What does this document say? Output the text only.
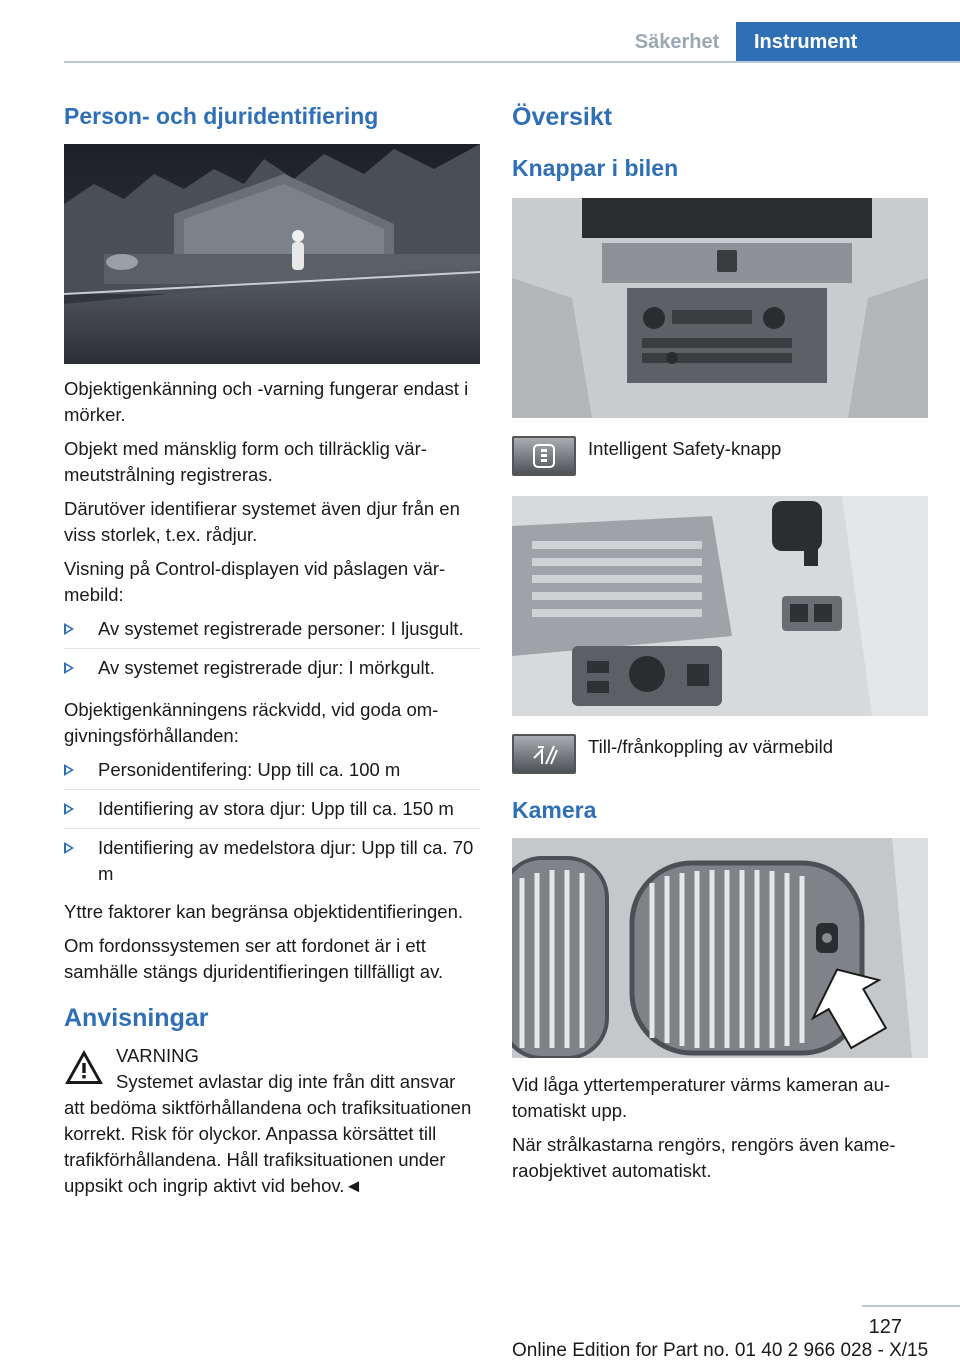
Säkerhet	Instrument
Person- och djuridentifiering

Objektigenkänning och -varning fungerar endast i mörker.

Objekt med mänsklig form och tillräcklig värmeutstrålning registreras.

Därutöver identifierar systemet även djur från en viss storlek, t.ex. rådjur.

Visning på Control-displayen vid påslagen värmebild:

Av systemet registrerade personer: I ljusgult.
Av systemet registrerade djur: I mörkgult.

Objektigenkänningens räckvidd, vid goda omgivningsförhållanden:

Personidentifering: Upp till ca. 100 m
Identifiering av stora djur: Upp till ca. 150 m
Identifiering av medelstora djur: Upp till ca. 70 m

Yttre faktorer kan begränsa objektidentifieringen.

Om fordonssystemen ser att fordonet är i ett samhälle stängs djuridentifieringen tillfälligt av.

Anvisningar
VARNING
Systemet avlastar dig inte från ditt ansvar att bedöma siktförhållandena och trafiksituationen korrekt. Risk för olyckor. Anpassa körsättet till trafikförhållandena. Håll trafiksituationen under uppsikt och ingrip aktivt vid behov.◄
Översikt
Knappar i bilen
Intelligent Safety-knapp
Till-/frånkoppling av värmebild
Kamera

Vid låga yttertemperaturer värms kameran automatiskt upp.

När strålkastarna rengörs, rengörs även kameraobjektivet automatiskt.

127
Online Edition for Part no. 01 40 2 966 028 - X/15
